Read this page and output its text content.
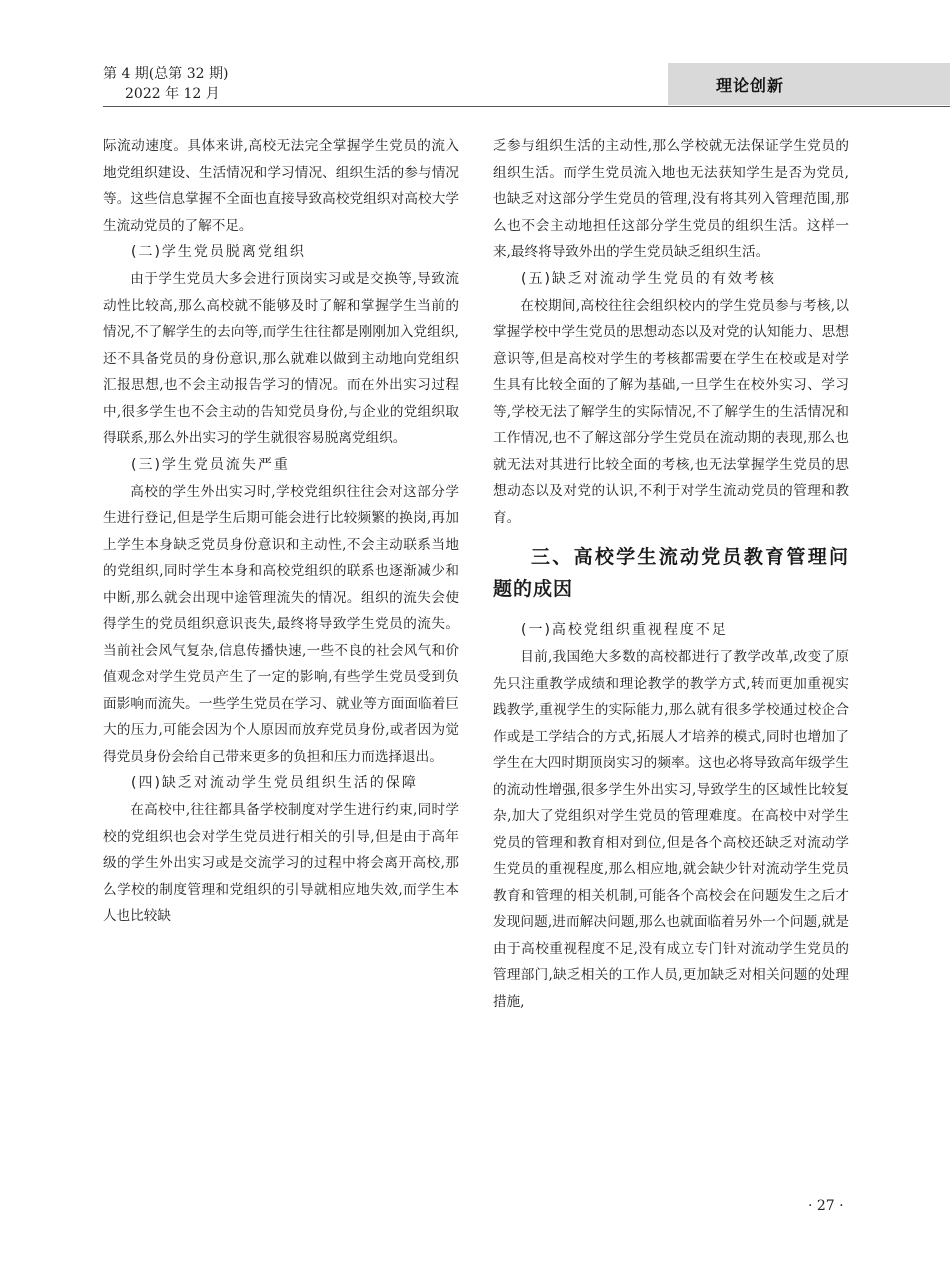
第 4 期(总第 32 期)
2022 年 12 月	理论创新

际流动速度。具体来讲,高校无法完全掌握学生党员的流入地党组织建设、生活情况和学习情况、组织生活的参与情况等。这些信息掌握不全面也直接导致高校党组织对高校大学生流动党员的了解不足。

(二)学生党员脱离党组织

由于学生党员大多会进行顶岗实习或是交换等,导致流动性比较高,那么高校就不能够及时了解和掌握学生当前的情况,不了解学生的去向等,而学生往往都是刚刚加入党组织,还不具备党员的身份意识,那么就难以做到主动地向党组织汇报思想,也不会主动报告学习的情况。而在外出实习过程中,很多学生也不会主动的告知党员身份,与企业的党组织取得联系,那么外出实习的学生就很容易脱离党组织。

(三)学生党员流失严重

高校的学生外出实习时,学校党组织往往会对这部分学生进行登记,但是学生后期可能会进行比较频繁的换岗,再加上学生本身缺乏党员身份意识和主动性,不会主动联系当地的党组织,同时学生本身和高校党组织的联系也逐渐减少和中断,那么就会出现中途管理流失的情况。组织的流失会使得学生的党员组织意识丧失,最终将导致学生党员的流失。当前社会风气复杂,信息传播快速,一些不良的社会风气和价值观念对学生党员产生了一定的影响,有些学生党员受到负面影响而流失。一些学生党员在学习、就业等方面面临着巨大的压力,可能会因为个人原因而放弃党员身份,或者因为觉得党员身份会给自己带来更多的负担和压力而选择退出。

(四)缺乏对流动学生党员组织生活的保障

在高校中,往往都具备学校制度对学生进行约束,同时学校的党组织也会对学生党员进行相关的引导,但是由于高年级的学生外出实习或是交流学习的过程中将会离开高校,那么学校的制度管理和党组织的引导就相应地失效,而学生本人也比较缺

乏参与组织生活的主动性,那么学校就无法保证学生党员的组织生活。而学生党员流入地也无法获知学生是否为党员,也缺乏对这部分学生党员的管理,没有将其列入管理范围,那么也不会主动地担任这部分学生党员的组织生活。这样一来,最终将导致外出的学生党员缺乏组织生活。

(五)缺乏对流动学生党员的有效考核

在校期间,高校往往会组织校内的学生党员参与考核,以掌握学校中学生党员的思想动态以及对党的认知能力、思想意识等,但是高校对学生的考核都需要在学生在校或是对学生具有比较全面的了解为基础,一旦学生在校外实习、学习等,学校无法了解学生的实际情况,不了解学生的生活情况和工作情况,也不了解这部分学生党员在流动期的表现,那么也就无法对其进行比较全面的考核,也无法掌握学生党员的思想动态以及对党的认识,不利于对学生流动党员的管理和教育。

三、高校学生流动党员教育管理问题的成因
(一)高校党组织重视程度不足

目前,我国绝大多数的高校都进行了教学改革,改变了原先只注重教学成绩和理论教学的教学方式,转而更加重视实践教学,重视学生的实际能力,那么就有很多学校通过校企合作或是工学结合的方式,拓展人才培养的模式,同时也增加了学生在大四时期顶岗实习的频率。这也必将导致高年级学生的流动性增强,很多学生外出实习,导致学生的区域性比较复杂,加大了党组织对学生党员的管理难度。在高校中对学生党员的管理和教育相对到位,但是各个高校还缺乏对流动学生党员的重视程度,那么相应地,就会缺少针对流动学生党员教育和管理的相关机制,可能各个高校会在问题发生之后才发现问题,进而解决问题,那么也就面临着另外一个问题,就是由于高校重视程度不足,没有成立专门针对流动学生党员的管理部门,缺乏相关的工作人员,更加缺乏对相关问题的处理措施,

· 27 ·
